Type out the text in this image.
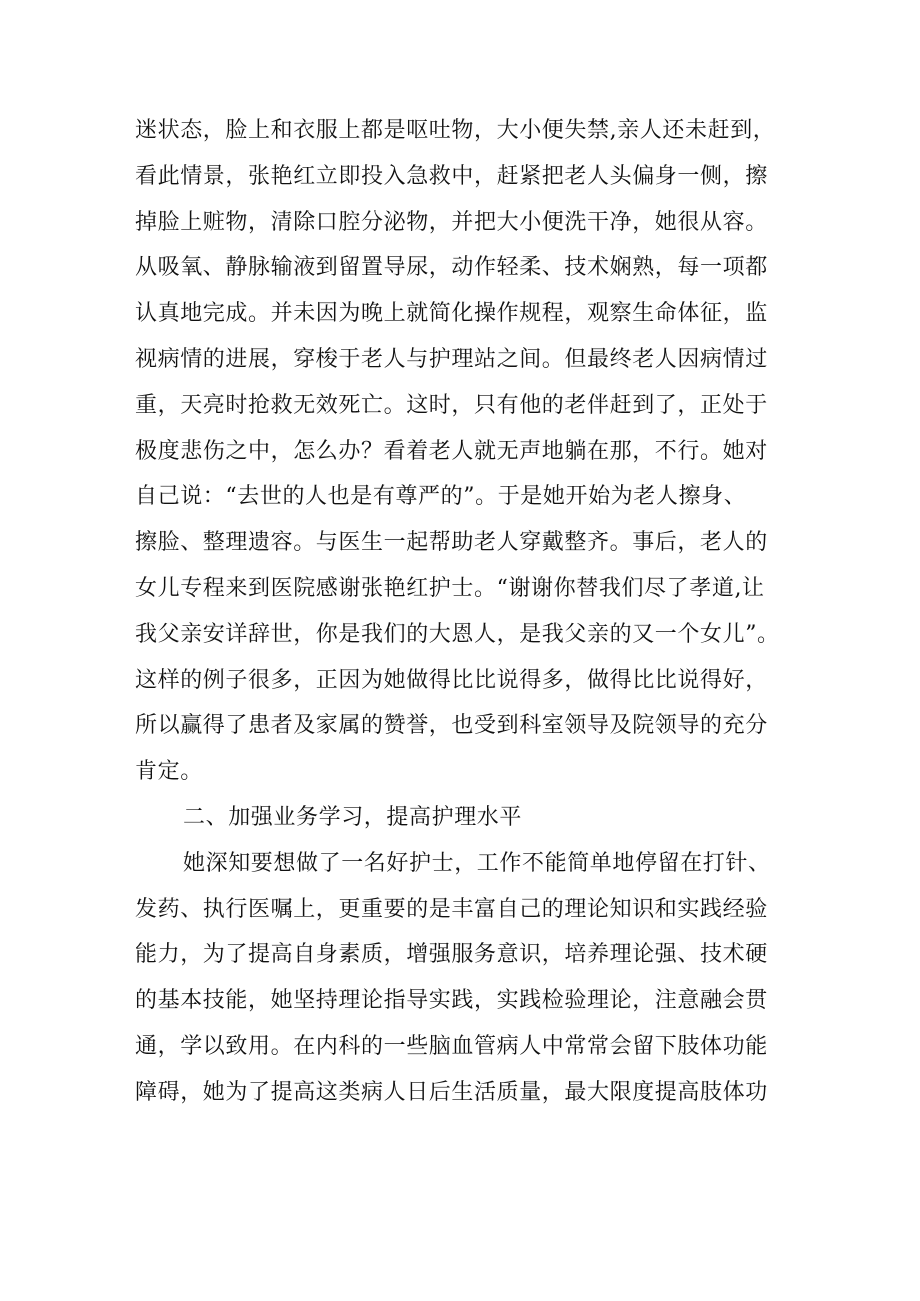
迷状态，脸上和衣服上都是呕吐物，大小便失禁,亲人还未赶到，
看此情景，张艳红立即投入急救中，赶紧把老人头偏身一侧，擦
掉脸上赃物，清除口腔分泌物，并把大小便洗干净，她很从容。
从吸氧、静脉输液到留置导尿，动作轻柔、技术娴熟，每一项都
认真地完成。并未因为晚上就简化操作规程，观察生命体征，监
视病情的进展，穿梭于老人与护理站之间。但最终老人因病情过
重，天亮时抢救无效死亡。这时，只有他的老伴赶到了，正处于
极度悲伤之中，怎么办？看着老人就无声地躺在那，不行。她对
自己说：“去世的人也是有尊严的”。于是她开始为老人擦身、
擦脸、整理遗容。与医生一起帮助老人穿戴整齐。事后，老人的
女儿专程来到医院感谢张艳红护士。“谢谢你替我们尽了孝道,让
我父亲安详辞世，你是我们的大恩人，是我父亲的又一个女儿”。
这样的例子很多，正因为她做得比比说得多，做得比比说得好，
所以赢得了患者及家属的赞誉，也受到科室领导及院领导的充分
肯定。
二、加强业务学习，提高护理水平
她深知要想做了一名好护士，工作不能简单地停留在打针、
发药、执行医嘱上，更重要的是丰富自己的理论知识和实践经验
能力，为了提高自身素质，增强服务意识，培养理论强、技术硬
的基本技能，她坚持理论指导实践，实践检验理论，注意融会贯
通，学以致用。在内科的一些脑血管病人中常常会留下肢体功能
障碍，她为了提高这类病人日后生活质量，最大限度提高肢体功
